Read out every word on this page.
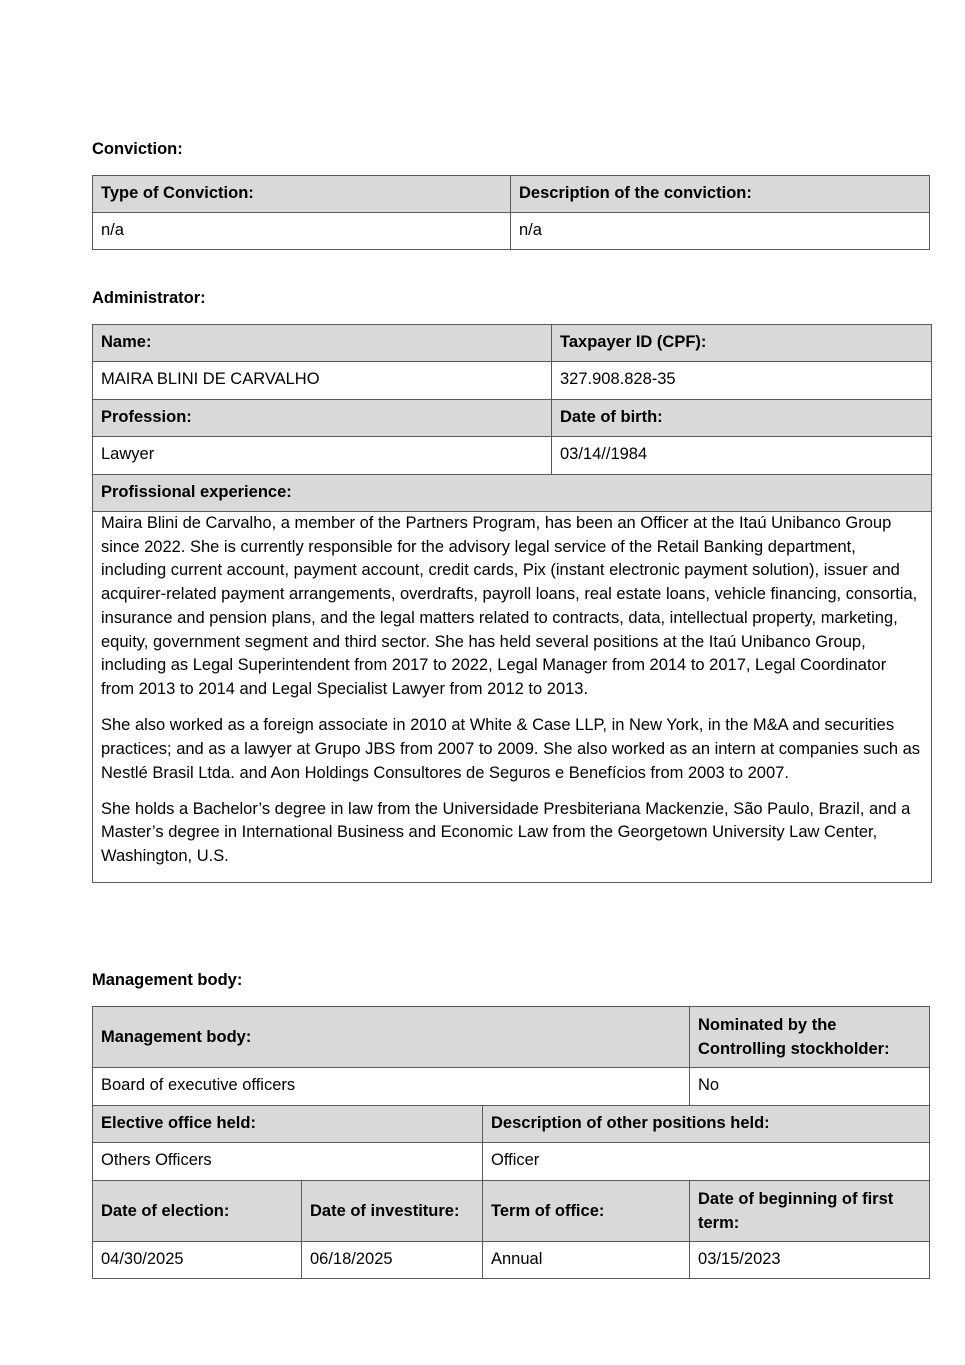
Conviction:
Type of Conviction:	Description of the conviction:
n/a	n/a
Administrator:
Name:	Taxpayer ID (CPF):
MAIRA BLINI DE CARVALHO	327.908.828-35
Profession:	Date of birth:
Lawyer	03/14//1984
Profissional experience:	

Maira Blini de Carvalho, a member of the Partners Program, has been an Officer at the Itaú Unibanco Group since 2022. She is currently responsible for the advisory legal service of the Retail Banking department, including current account, payment account, credit cards, Pix (instant electronic payment solution), issuer and acquirer-related payment arrangements, overdrafts, payroll loans, real estate loans, vehicle financing, consortia, insurance and pension plans, and the legal matters related to contracts, data, intellectual property, marketing, equity, government segment and third sector. She has held several positions at the Itaú Unibanco Group, including as Legal Superintendent from 2017 to 2022, Legal Manager from 2014 to 2017, Legal Coordinator from 2013 to 2014 and Legal Specialist Lawyer from 2012 to 2013.

She also worked as a foreign associate in 2010 at White & Case LLP, in New York, in the M&A and securities practices; and as a lawyer at Grupo JBS from 2007 to 2009. She also worked as an intern at companies such as Nestlé Brasil Ltda. and Aon Holdings Consultores de Seguros e Benefícios from 2003 to 2007.

She holds a Bachelor’s degree in law from the Universidade Presbiteriana Mackenzie, São Paulo, Brazil, and a Master’s degree in International Business and Economic Law from the Georgetown University Law Center, Washington, U.S.	

Management body:
Management body:			Nominated by the Controlling stockholder:
Board of executive officers			No
Elective office held:		Description of other positions held:	
Others Officers		Officer	
Date of election:	Date of investiture:	Term of office:	Date of beginning of first term:
04/30/2025	06/18/2025	Annual	03/15/2023
